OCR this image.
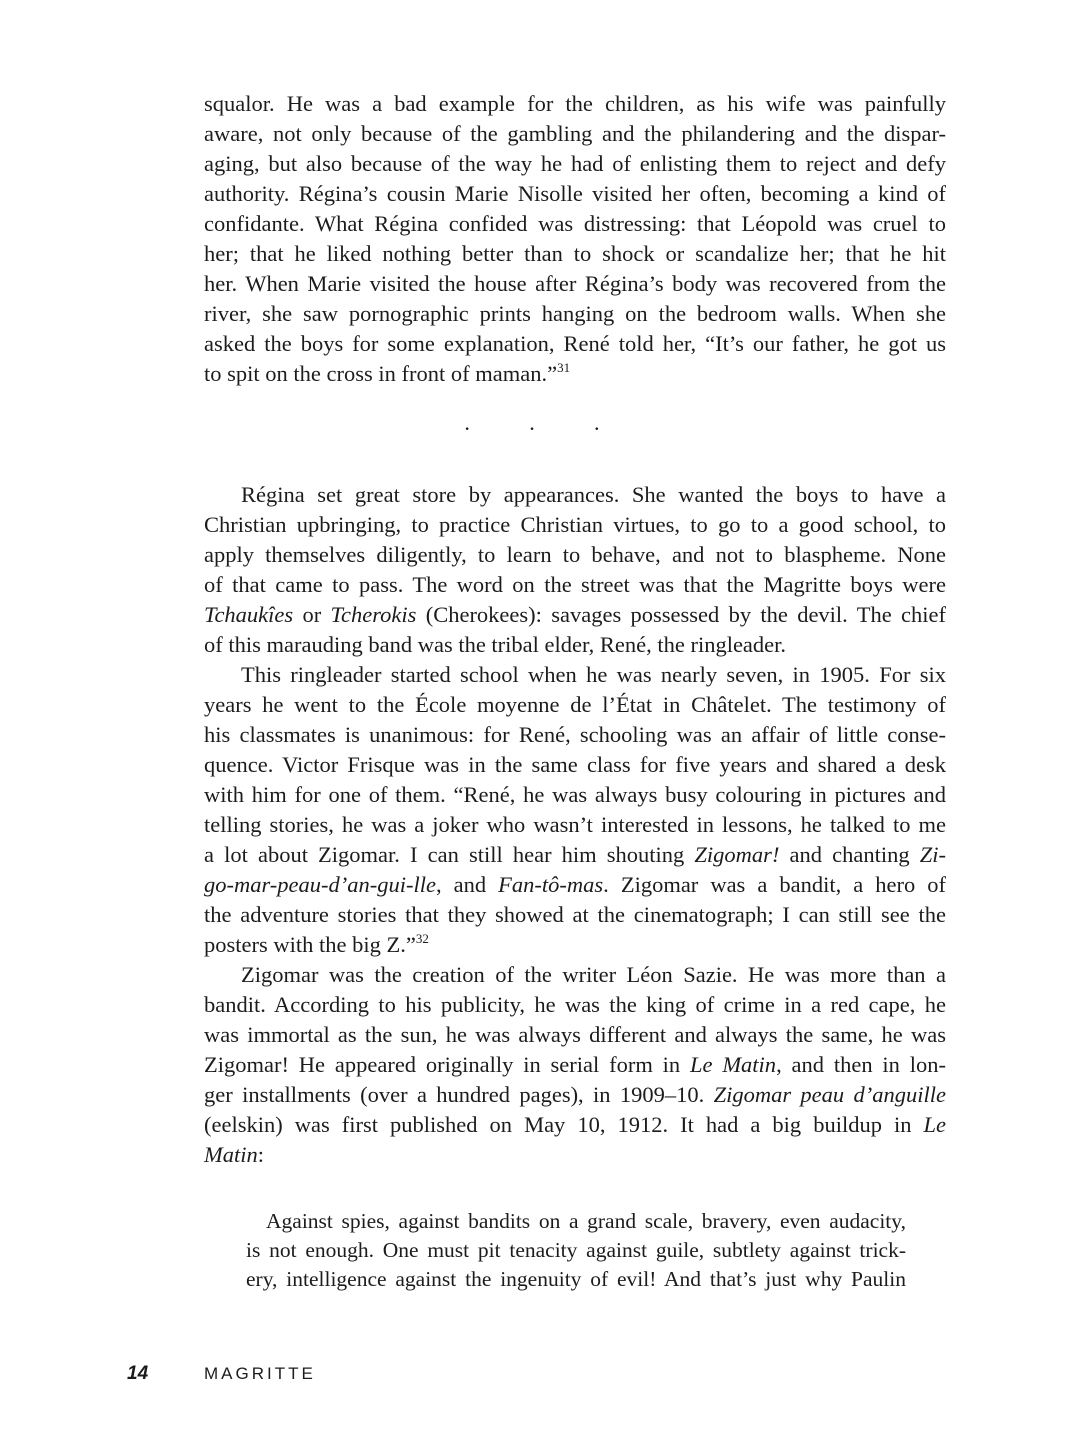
squalor. He was a bad example for the children, as his wife was painfully
aware, not only because of the gambling and the philandering and the dispar-
aging, but also because of the way he had of enlisting them to reject and defy
authority. Régina’s cousin Marie Nisolle visited her often, becoming a kind of
confidante. What Régina confided was distressing: that Léopold was cruel to
her; that he liked nothing better than to shock or scandalize her; that he hit
her. When Marie visited the house after Régina’s body was recovered from the
river, she saw pornographic prints hanging on the bedroom walls. When she
asked the boys for some explanation, René told her, “It’s our father, he got us
to spit on the cross in front of maman.”$^{31}$
· · ·
Régina set great store by appearances. She wanted the boys to have a
Christian upbringing, to practice Christian virtues, to go to a good school, to
apply themselves diligently, to learn to behave, and not to blaspheme. None
of that came to pass. The word on the street was that the Magritte boys were
Tchaukîes or Tcherokis (Cherokees): savages possessed by the devil. The chief
of this marauding band was the tribal elder, René, the ringleader.
This ringleader started school when he was nearly seven, in 1905. For six
years he went to the École moyenne de l’État in Châtelet. The testimony of
his classmates is unanimous: for René, schooling was an affair of little conse-
quence. Victor Frisque was in the same class for five years and shared a desk
with him for one of them. “René, he was always busy colouring in pictures and
telling stories, he was a joker who wasn’t interested in lessons, he talked to me
a lot about Zigomar. I can still hear him shouting Zigomar! and chanting Zi-
go-mar-peau-d’an-gui-lle, and Fan-tô-mas. Zigomar was a bandit, a hero of
the adventure stories that they showed at the cinematograph; I can still see the
posters with the big Z.”$^{32}$
Zigomar was the creation of the writer Léon Sazie. He was more than a
bandit. According to his publicity, he was the king of crime in a red cape, he
was immortal as the sun, he was always different and always the same, he was
Zigomar! He appeared originally in serial form in Le Matin, and then in lon-
ger installments (over a hundred pages), in 1909–10. Zigomar peau d’anguille
(eelskin) was first published on May 10, 1912. It had a big buildup in Le
Matin:
Against spies, against bandits on a grand scale, bravery, even audacity,
is not enough. One must pit tenacity against guile, subtlety against trick-
ery, intelligence against the ingenuity of evil! And that’s just why Paulin
14	MAGRITTE
